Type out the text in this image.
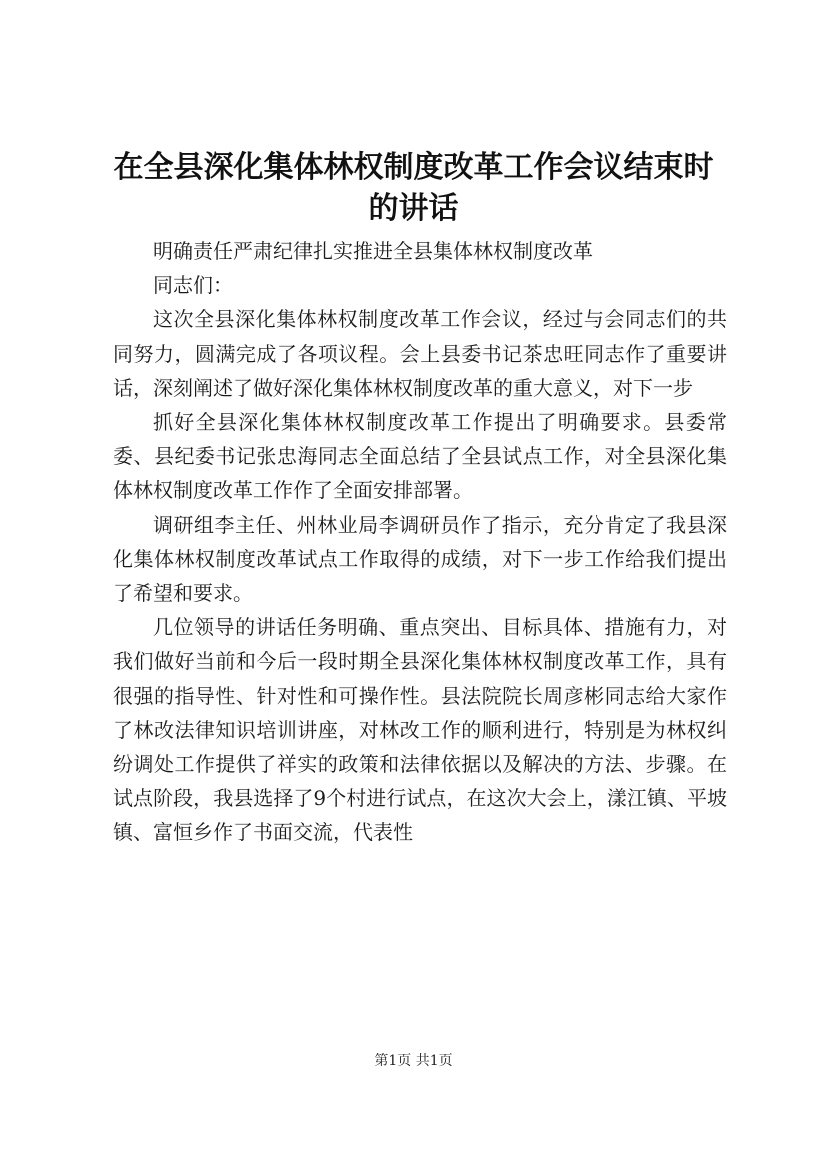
在全县深化集体林权制度改革工作会议结束时
的讲话

明确责任严肃纪律扎实推进全县集体林权制度改革

同志们：

这次全县深化集体林权制度改革工作会议，经过与会同志们的共同努力，圆满完成了各项议程。会上县委书记茶忠旺同志作了重要讲话，深刻阐述了做好深化集体林权制度改革的重大意义，对下一步

抓好全县深化集体林权制度改革工作提出了明确要求。县委常委、县纪委书记张忠海同志全面总结了全县试点工作，对全县深化集体林权制度改革工作作了全面安排部署。

调研组李主任、州林业局李调研员作了指示，充分肯定了我县深化集体林权制度改革试点工作取得的成绩，对下一步工作给我们提出了希望和要求。

几位领导的讲话任务明确、重点突出、目标具体、措施有力，对我们做好当前和今后一段时期全县深化集体林权制度改革工作，具有很强的指导性、针对性和可操作性。县法院院长周彦彬同志给大家作了林改法律知识培训讲座，对林改工作的顺利进行，特别是为林权纠纷调处工作提供了祥实的政策和法律依据以及解决的方法、步骤。在试点阶段，我县选择了9个村进行试点，在这次大会上，漾江镇、平坡镇、富恒乡作了书面交流，代表性

第1页 共1页
